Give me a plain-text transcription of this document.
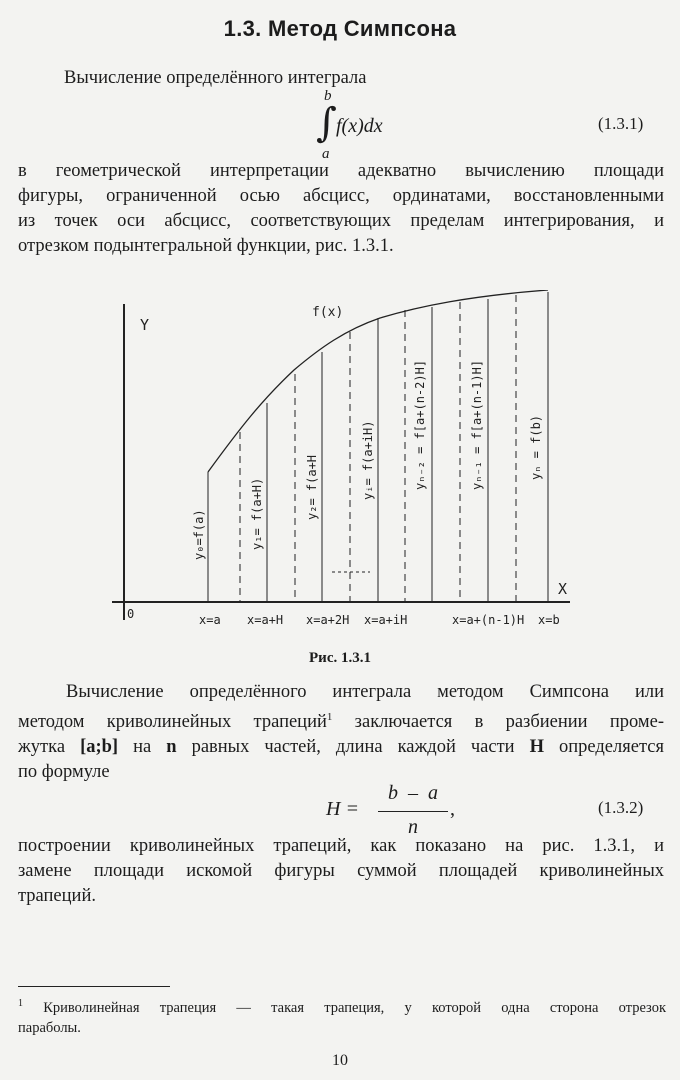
1.3. Метод Симпсона
Вычисление определённого интеграла
b
∫ f(x)dx
a
(1.3.1)
в геометрической интерпретации адекватно вычислению площади
фигуры, ограниченной осью абсцисс, ординатами, восстановленными
из точек оси абсцисс, соответствующих пределам интегрирования, и
отрезком подынтегральной функции, рис. 1.3.1.
Y
X
0
f(x)
y₀=f(a)	y₁= f(a+H)	y₂= f(a+H	yᵢ= f(a+iH)	yₙ₋₂ = f[a+(n-2)H]	yₙ₋₁ = f[a+(n-1)H]	yₙ = f(b)
x=a x=a+H x=a+2H x=a+iH	x=a+(n-1)H x=b
Рис. 1.3.1
Вычисление определённого интеграла методом Симпсона или
методом криволинейных трапеций$^1$ заключается в разбиении проме-
жутка [a;b] на n равных частей, длина каждой части H определяется
по формуле
H =
b  –  a
n
,	(1.3.2)
построении криволинейных трапеций, как показано на рис. 1.3.1, и
замене площади искомой фигуры суммой площадей криволинейных
трапеций.
$^1$ Криволинейная трапеция — такая трапеция, у которой одна сторона отрезок
параболы.
10
